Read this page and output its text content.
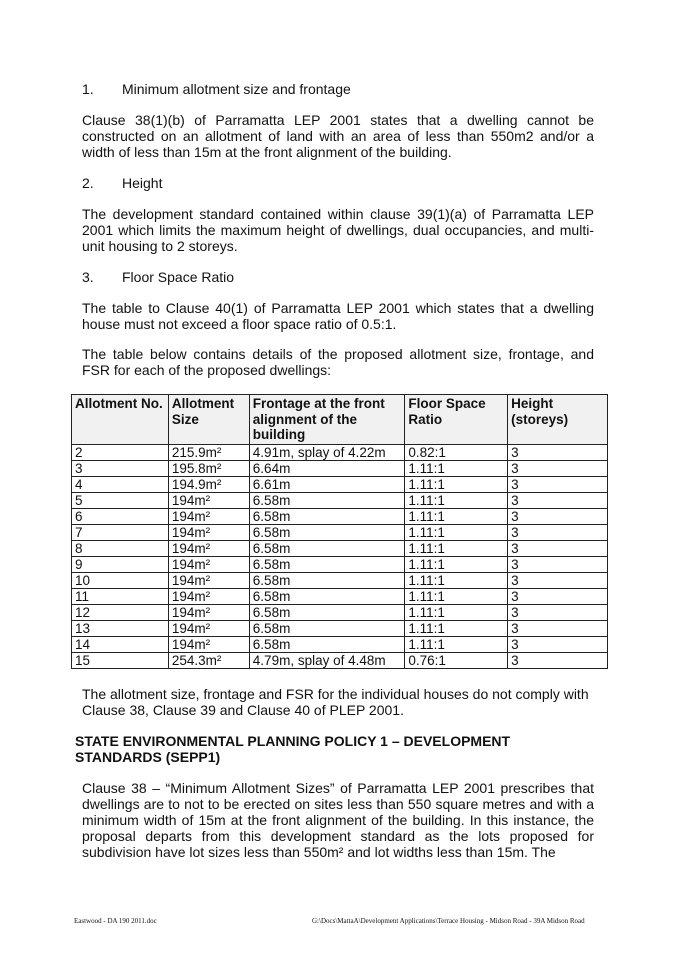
1. Minimum allotment size and frontage

Clause 38(1)(b) of Parramatta LEP 2001 states that a dwelling cannot be constructed on an allotment of land with an area of less than 550m2 and/or a width of less than 15m at the front alignment of the building.

2. Height

The development standard contained within clause 39(1)(a) of Parramatta LEP 2001 which limits the maximum height of dwellings, dual occupancies, and multi-unit housing to 2 storeys.

3. Floor Space Ratio

The table to Clause 40(1) of Parramatta LEP 2001 which states that a dwelling house must not exceed a floor space ratio of 0.5:1.

The table below contains details of the proposed allotment size, frontage, and FSR for each of the proposed dwellings:

Allotment No.	Allotment Size	Frontage at the front alignment of the building	Floor Space Ratio	Height (storeys)
2	215.9m²	4.91m, splay of 4.22m	0.82:1	3
3	195.8m²	6.64m	1.11:1	3
4	194.9m²	6.61m	1.11:1	3
5	194m²	6.58m	1.11:1	3
6	194m²	6.58m	1.11:1	3
7	194m²	6.58m	1.11:1	3
8	194m²	6.58m	1.11:1	3
9	194m²	6.58m	1.11:1	3
10	194m²	6.58m	1.11:1	3
11	194m²	6.58m	1.11:1	3
12	194m²	6.58m	1.11:1	3
13	194m²	6.58m	1.11:1	3
14	194m²	6.58m	1.11:1	3
15	254.3m²	4.79m, splay of 4.48m	0.76:1	3

The allotment size, frontage and FSR for the individual houses do not comply with Clause 38, Clause 39 and Clause 40 of PLEP 2001.

STATE ENVIRONMENTAL PLANNING POLICY 1 – DEVELOPMENT STANDARDS (SEPP1)

Clause 38 – “Minimum Allotment Sizes” of Parramatta LEP 2001 prescribes that dwellings are to not to be erected on sites less than 550 square metres and with a minimum width of 15m at the front alignment of the building. In this instance, the proposal departs from this development standard as the lots proposed for subdivision have lot sizes less than 550m² and lot widths less than 15m. The

Eastwood - DA 190 2011.doc	G:\Docs\MattaA\Development Applications\Terrace Housing - Midson Road - 39A Midson Road
